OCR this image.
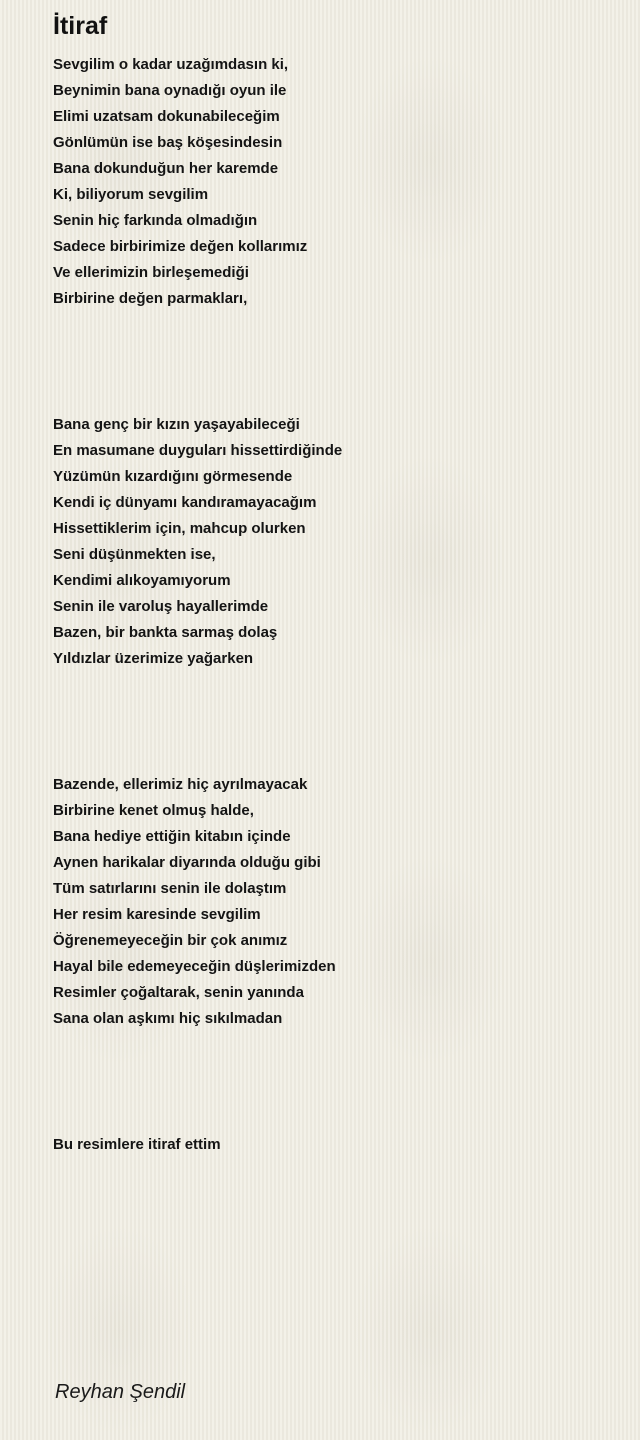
İtiraf
Sevgilim o kadar uzağımdasın ki,
Beynimin bana oynadığı oyun ile
Elimi uzatsam dokunabileceğim
Gönlümün ise baş köşesindesin
Bana dokunduğun her karemde
Ki, biliyorum sevgilim
Senin hiç farkında olmadığın
Sadece birbirimize değen kollarımız
Ve ellerimizin birleşemediği
Birbirine değen parmakları,
Bana genç bir kızın yaşayabileceği
En masumane duyguları hissettirdiğinde
Yüzümün kızardığını görmesende
Kendi iç dünyamı kandıramayacağım
Hissettiklerim için, mahcup olurken
Seni düşünmekten ise,
Kendimi alıkoyamıyorum
Senin ile varoluş hayallerimde
Bazen, bir bankta sarmaş dolaş
Yıldızlar üzerimize yağarken
Bazende, ellerimiz hiç ayrılmayacak
Birbirine kenet olmuş halde,
Bana hediye ettiğin kitabın içinde
Aynen harikalar diyarında olduğu gibi
Tüm satırlarını senin ile dolaştım
Her resim karesinde sevgilim
Öğrenemeyeceğin bir çok anımız
Hayal bile edemeyeceğin düşlerimizden
Resimler çoğaltarak, senin yanında
Sana olan aşkımı hiç sıkılmadan
Bu resimlere itiraf ettim
Reyhan Şendil
